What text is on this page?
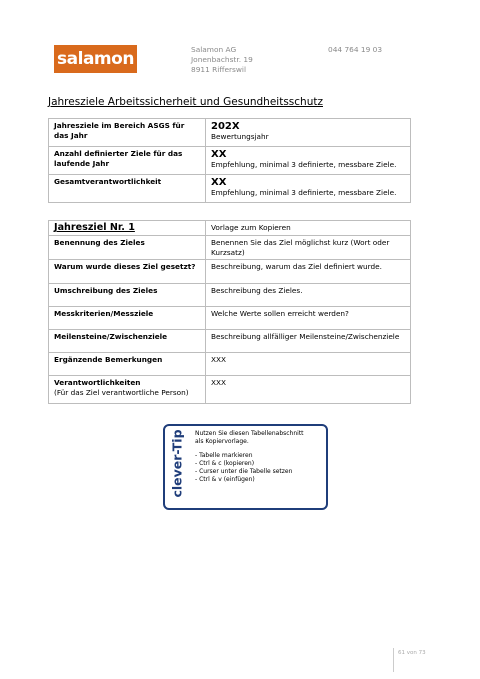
salamon	Salamon AG
Jonenbachstr. 19
8911 Rifferswil
044 764 19 03
Jahresziele Arbeitssicherheit und Gesundheitsschutz
Jahresziele im Bereich ASGS für das Jahr	202X
Bewertungsjahr
Anzahl definierter Ziele für das laufende Jahr	XX
Empfehlung, minimal 3 definierte, messbare Ziele.
Gesamtverantwortlichkeit	XX
Empfehlung, minimal 3 definierte, messbare Ziele.
Jahresziel Nr. 1	Vorlage zum Kopieren
Benennung des Zieles	Benennen Sie das Ziel möglichst kurz (Wort oder Kurzsatz)
Warum wurde dieses Ziel gesetzt?	Beschreibung, warum das Ziel definiert wurde.
Umschreibung des Zieles	Beschreibung des Zieles.
Messkriterien/Messziele	Welche Werte sollen erreicht werden?
Meilensteine/Zwischenziele	Beschreibung allfälliger Meilensteine/Zwischenziele
Ergänzende Bemerkungen	XXX
Verantwortlichkeiten
(Für das Ziel verantwortliche Person)	XXX
clever-Tip Nutzen Sie diesen Tabellenabschnitt
als Kopiervorlage.
- Tabelle markieren
- Ctrl & c (kopieren)
- Curser unter die Tabelle setzen
- Ctrl & v (einfügen)
61 von 73
